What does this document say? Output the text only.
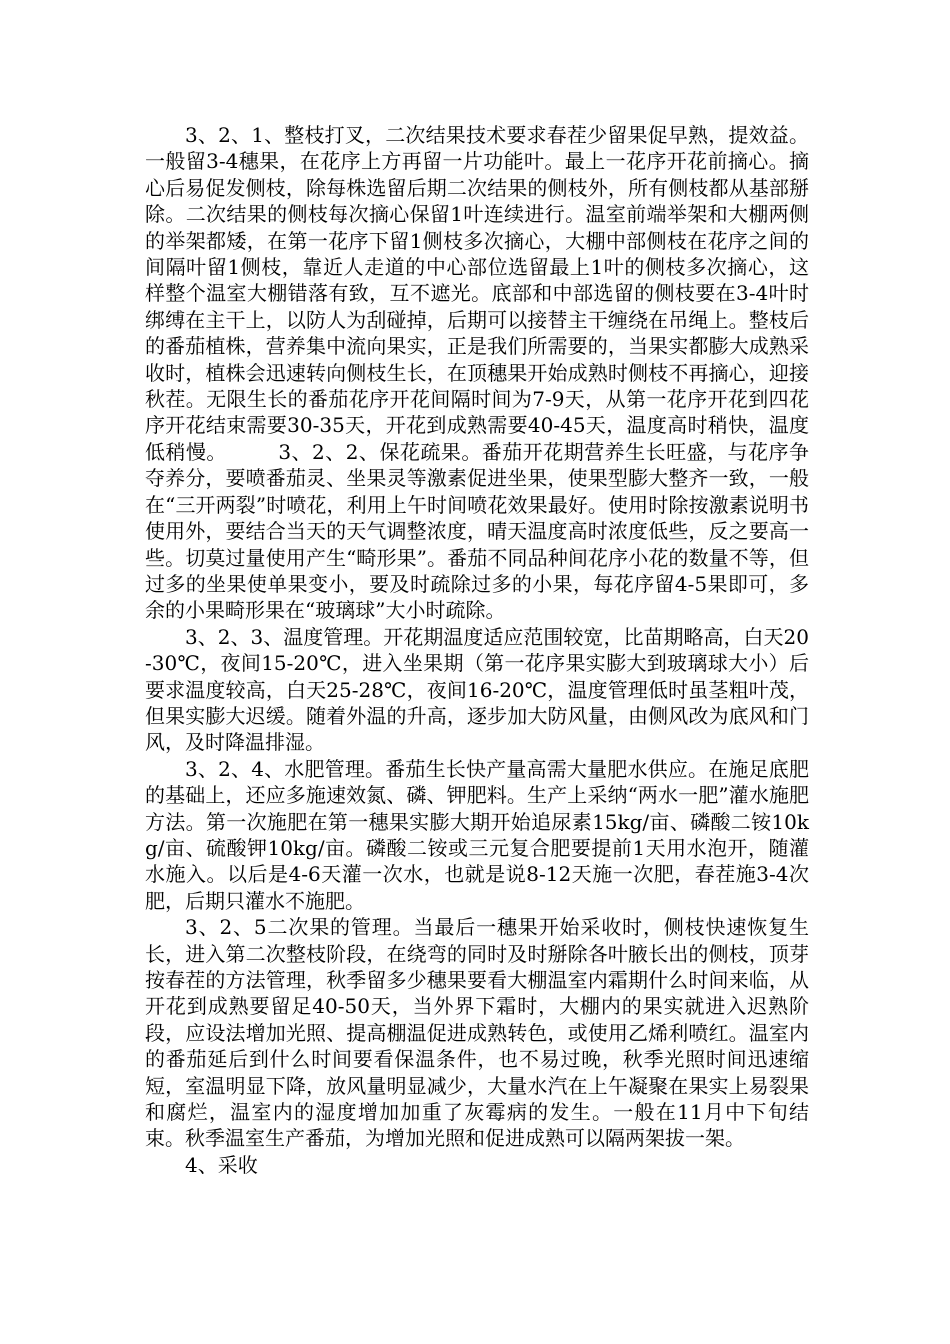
3、2、1、整枝打叉，二次结果技术要求春茬少留果促早熟，提效益。一般留3-4穗果，在花序上方再留一片功能叶。最上一花序开花前摘心。摘心后易促发侧枝，除每株选留后期二次结果的侧枝外，所有侧枝都从基部掰除。二次结果的侧枝每次摘心保留1叶连续进行。温室前端举架和大棚两侧的举架都矮，在第一花序下留1侧枝多次摘心，大棚中部侧枝在花序之间的间隔叶留1侧枝，靠近人走道的中心部位选留最上1叶的侧枝多次摘心，这样整个温室大棚错落有致，互不遮光。底部和中部选留的侧枝要在3-4叶时绑缚在主干上，以防人为刮碰掉，后期可以接替主干缠绕在吊绳上。整枝后的番茄植株，营养集中流向果实，正是我们所需要的，当果实都膨大成熟采收时，植株会迅速转向侧枝生长，在顶穗果开始成熟时侧枝不再摘心，迎接秋茬。无限生长的番茄花序开花间隔时间为7-9天，从第一花序开花到四花序开花结束需要30-35天，开花到成熟需要40-45天，温度高时稍快，温度低稍慢。　　　3、2、2、保花疏果。番茄开花期营养生长旺盛，与花序争夺养分，要喷番茄灵、坐果灵等激素促进坐果，使果型膨大整齐一致，一般在“三开两裂”时喷花，利用上午时间喷花效果最好。使用时除按激素说明书使用外，要结合当天的天气调整浓度，晴天温度高时浓度低些，反之要高一些。切莫过量使用产生“畸形果”。番茄不同品种间花序小花的数量不等，但过多的坐果使单果变小，要及时疏除过多的小果，每花序留4-5果即可，多余的小果畸形果在“玻璃球”大小时疏除。

3、2、3、温度管理。开花期温度适应范围较宽，比苗期略高，白天20-30℃，夜间15-20℃，进入坐果期（第一花序果实膨大到玻璃球大小）后要求温度较高，白天25-28℃，夜间16-20℃，温度管理低时虽茎粗叶茂，但果实膨大迟缓。随着外温的升高，逐步加大防风量，由侧风改为底风和门风，及时降温排湿。

3、2、4、水肥管理。番茄生长快产量高需大量肥水供应。在施足底肥的基础上，还应多施速效氮、磷、钾肥料。生产上采纳“两水一肥”灌水施肥方法。第一次施肥在第一穗果实膨大期开始追尿素15kg/亩、磷酸二铵10kg/亩、硫酸钾10kg/亩。磷酸二铵或三元复合肥要提前1天用水泡开，随灌水施入。以后是4-6天灌一次水，也就是说8-12天施一次肥，春茬施3-4次肥，后期只灌水不施肥。

3、2、5二次果的管理。当最后一穗果开始采收时，侧枝快速恢复生长，进入第二次整枝阶段，在绕弯的同时及时掰除各叶腋长出的侧枝，顶芽按春茬的方法管理，秋季留多少穗果要看大棚温室内霜期什么时间来临，从开花到成熟要留足40-50天，当外界下霜时，大棚内的果实就进入迟熟阶段，应设法增加光照、提高棚温促进成熟转色，或使用乙烯利喷红。温室内的番茄延后到什么时间要看保温条件，也不易过晚，秋季光照时间迅速缩短，室温明显下降，放风量明显减少，大量水汽在上午凝聚在果实上易裂果和腐烂，温室内的湿度增加加重了灰霉病的发生。一般在11月中下旬结束。秋季温室生产番茄，为增加光照和促进成熟可以隔两架拔一架。

4、采收
